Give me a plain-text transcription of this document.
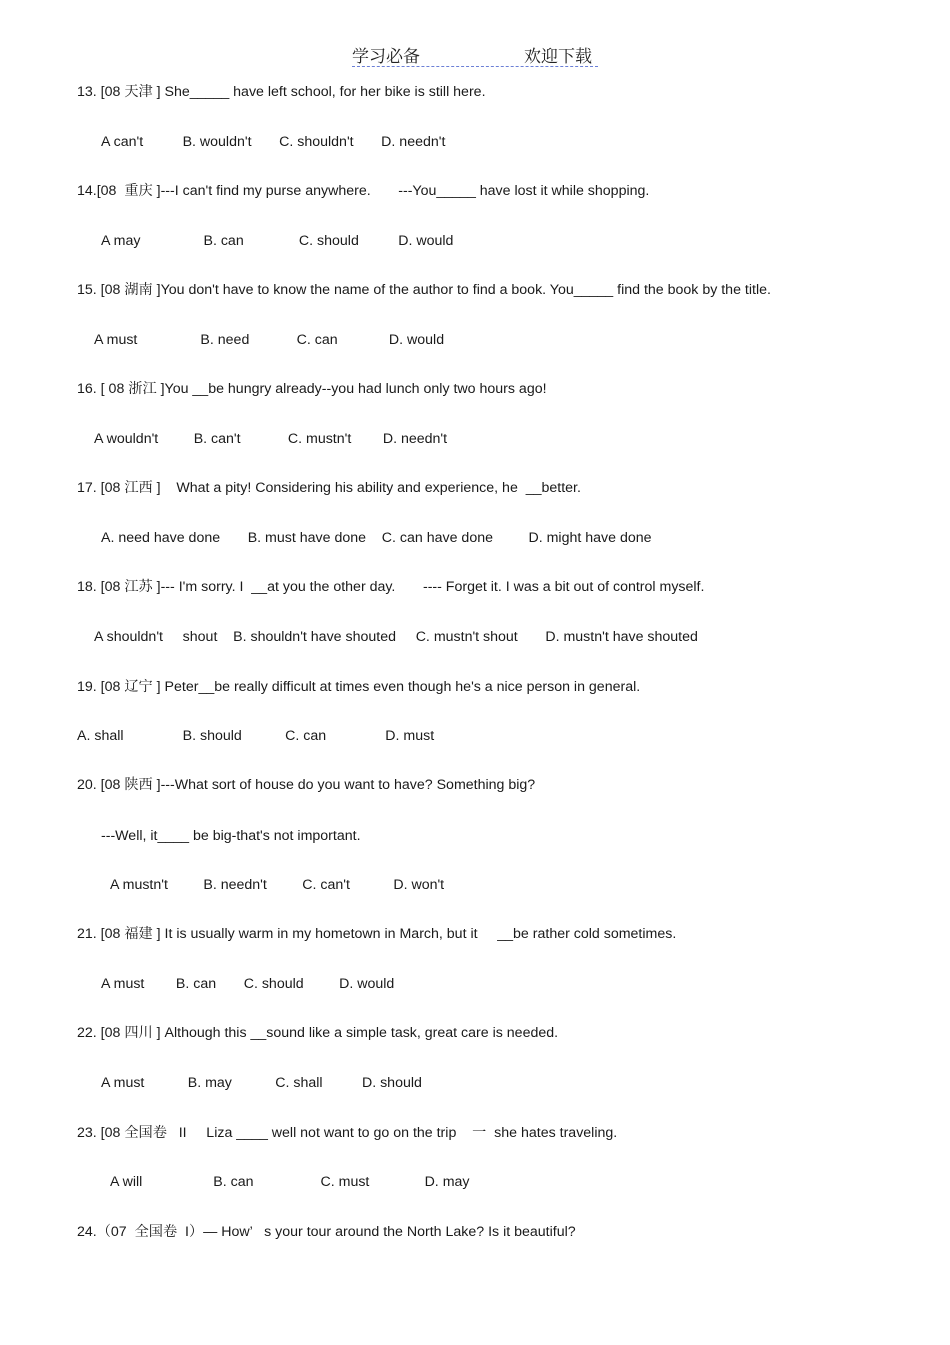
学习必备	欢迎下载
13. [08 天津 ] She_____ have left school, for her bike is still here.
A can't          B. wouldn't       C. shouldn't       D. needn't
14.[08  重庆 ]---I can't find my purse anywhere.       ---You_____ have lost it while shopping.
A may                B. can              C. should          D. would
15. [08 湖南 ]You don't have to know the name of the author to find a book. You_____ find the book by the title.
A must                B. need            C. can             D. would
16. [ 08 浙江 ]You __be hungry already--you had lunch only two hours ago!
A wouldn't         B. can't            C. mustn't        D. needn't
17. [08 江西 ]    What a pity! Considering his ability and experience, he  __better.
A. need have done       B. must have done    C. can have done         D. might have done
18. [08 江苏 ]--- I'm sorry. I  __at you the other day.       ---- Forget it. I was a bit out of control myself.
A shouldn't     shout    B. shouldn't have shouted     C. mustn't shout       D. mustn't have shouted
19. [08 辽宁 ] Peter__be really difficult at times even though he's a nice person in general.
A. shall               B. should           C. can               D. must
20. [08 陕西 ]---What sort of house do you want to have? Something big?
---Well, it____ be big-that's not important.
A mustn't         B. needn't         C. can't           D. won't
21. [08 福建 ] It is usually warm in my hometown in March, but it     __be rather cold sometimes.
A must        B. can       C. should         D. would
22. [08 四川 ] Although this __sound like a simple task, great care is needed.
A must           B. may           C. shall          D. should
23. [08 全国卷   II     Liza ____ well not want to go on the trip    一  she hates traveling.
A will                  B. can                 C. must              D. may
24.（07  全国卷  I）— How’   s your tour around the North Lake? Is it beautiful?
